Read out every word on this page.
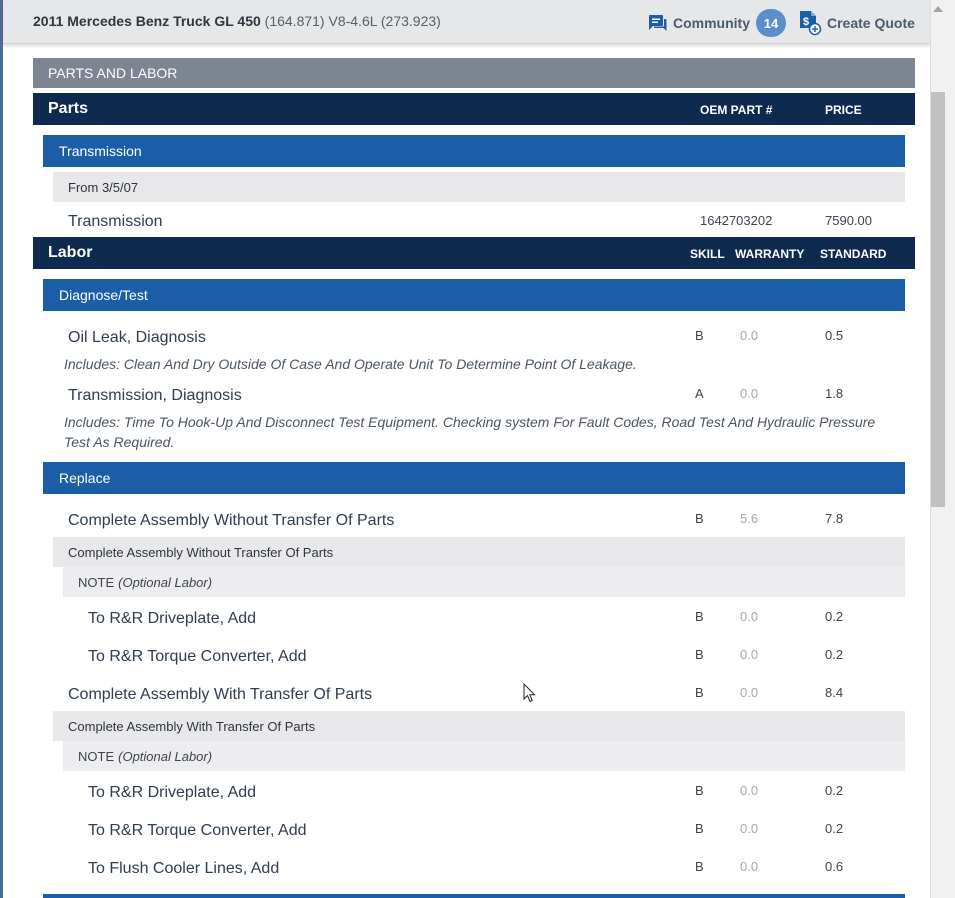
2011 Mercedes Benz Truck GL 450 (164.871) V8-4.6L (273.923)	Community	14	$ Create Quote
PARTS AND LABOR
Parts	OEM PART #	PRICE
Transmission
From 3/5/07
Transmission	1642703202	7590.00
Labor	SKILL WARRANTY STANDARD
Diagnose/Test
Oil Leak, Diagnosis	B	0.0	0.5
Includes: Clean And Dry Outside Of Case And Operate Unit To Determine Point Of Leakage.
Transmission, Diagnosis	A	0.0	1.8
Includes: Time To Hook-Up And Disconnect Test Equipment. Checking system For Fault Codes, Road Test And Hydraulic Pressure Test As Required.
Replace
Complete Assembly Without Transfer Of Parts	B	5.6	7.8
Complete Assembly Without Transfer Of Parts
NOTE (Optional Labor)
To R&R Driveplate, Add	B	0.0	0.2
To R&R Torque Converter, Add	B	0.0	0.2
Complete Assembly With Transfer Of Parts	B	0.0	8.4
Complete Assembly With Transfer Of Parts
NOTE (Optional Labor)
To R&R Driveplate, Add	B	0.0	0.2
To R&R Torque Converter, Add	B	0.0	0.2
To Flush Cooler Lines, Add	B	0.0	0.6
